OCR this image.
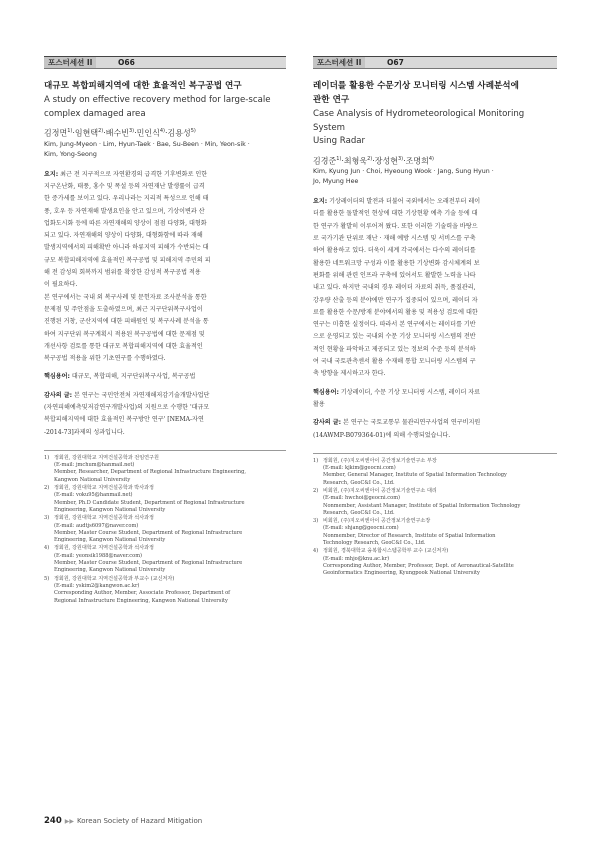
포스터세션 II	O66
대규모 복합피해지역에 대한 효율적인 복구공법 연구
A study on effective recovery method for large-scale
complex damaged area
김정면$^{1)}$·임현택$^{2)}$·배수빈$^{3)}$·민인식$^{4)}$·김용성$^{5)}$
Kim, Jung-Myeon · Lim, Hyun-Taek · Bae, Su-Been · Min, Yeon-sik ·
Kim, Yong-Seong

요지: 최근 전 지구적으로 자연환경의 급격한 기후변화로 인한

지구온난화, 태풍, 홍수 및 폭설 등의 자연재난 발생률이 급격

한 증가세를 보이고 있다. 우리나라는 지리적 특성으로 인해 태

풍, 호우 등 자연재해 발생요인을 안고 있으며, 기상이변과 산

업화도시화 등에 따른 자연재해의 양상이 점점 다양화, 대형화

되고 있다. 자연재해의 양상이 다양화, 대형화함에 따라 재해

발생지역에서의 피해확반 아니라 하류지역 피해가 수반되는 대

규모 복합피해지역에 효율적인 복구공법 및 피해지역 주민의 피

해 전 감성의 회복까지 범위를 확장한 감성적 복구공법 적용

이 필요하다.

본 연구에서는 국내 외 복구사례 및 문헌자료 조사분석을 통한

문제점 및 주안점을 도출하였으며, 최근 지구단위복구사업이

진행된 거창, 군산지역에 대한 피해원인 및 복구사례 분석을 통

하여 지구단위 복구계획시 적용된 복구공법에 대한 문제점 및

개선사항 검토를 통한 대규모 복합피해지역에 대한 효율적인

복구공법 적용을 위한 기초연구를 수행하였다.

핵심용어: 대규모, 복합피해, 지구단위복구사업, 복구공법
감사의 글: 본 연구는 국민안전처 자연재해저감기술개발사업단
(자연피해예측및저감연구개발사업)의 지원으로 수행한 '대규모
복합피해지역에 대한 효율적인 복구방안 연구' [NEMA-자연
-2014-73]과제의 성과입니다.
1) 정회원, 강원대학교 지역건설공학과 전임연구원
(E-mail: jmchum@hanmail.net)
Member, Researcher, Department of Regional Infrastructure Engineering,
Kangwon National University
2) 정회원, 강원대학교 지역건설공학과 박사과정
(E-mail: voku95@hanmail.net)
Member, Ph.D Candidate Student, Department of Regional Infrastructure
Engineering, Kangwon National University
3) 정회원, 강원대학교 지역건설공학과 석사과정
(E-mail: audtjs6097@naver.com)
Member, Master Course Student, Department of Regional Infrastructure
Engineering, Kangwon National University
4) 정회원, 강원대학교 지역건설공학과 석사과정
(E-mail: yeonsik1988@naver.com)
Member, Master Course Student, Department of Regional Infrastructure
Engineering, Kangwon National University
5) 정회원, 강원대학교 지역건설공학과 부교수 (교신저자)
(E-mail: yskim2@kangwon.ac.kr)
Corresponding Author, Member, Associate Professor, Department of
Regional Infrastructure Engineering, Kangwon National University
포스터세션 II	O67
레이더를 활용한 수문기상 모니터링 시스템 사례분석에
관한 연구
Case Analysis of Hydrometeorological Monitoring System
Using Radar
김경준$^{1)}$·최형욱$^{2)}$·장성현$^{3)}$·조명희$^{4)}$
Kim, Kyung Jun · Choi, Hyeoung Wook · Jang, Sung Hyun ·
Jo, Myung Hee

요지: 기상레이더의 발전과 더불어 국외에서는 오래전부터 레이

더를 활용한 돌발적인 현상에 대한 기상현황 예측 기술 등에 대

한 연구가 활발히 이루어져 왔다. 또한 이러한 기술력을 바탕으

로 국가기관 단위로 재난 · 재해 예방 시스템 및 서비스를 구축

하여 활용하고 있다. 더욱이 세계 각국에서는 다수의 레이더를

활용한 네트워크망 구성과 이를 활용한 기상변화 감시체계의 보

편화를 위해 관련 인프라 구축에 있어서도 활발한 노력을 나타

내고 있다. 하지만 국내의 경우 레이더 자료의 취득, 품질관리,

강우량 산출 등의 분야에만 연구가 집중되어 있으며, 레이더 자

료를 활용한 수문/방재 분야에서의 활용 및 적용성 검토에 대한

연구는 미흡한 실정이다. 따라서 본 연구에서는 레이더를 기반

으로 운영되고 있는 국내외 수문 기상 모니터링 시스템의 전반

적인 현황을 파악하고 제공되고 있는 정보의 수준 등의 분석하

여 국내 국토관측센서 활용 수재해 통합 모니터링 시스템의 구

축 방향을 제시하고자 한다.

핵심용어: 기상레이더, 수문 기상 모니터링 시스템, 레이더 자료
활용
감사의 글: 본 연구는 국토교통부 물관리연구사업의 연구비지원
(14AWMP-B079364-01)에 의해 수행되었습니다.
1) 정회원, (주)지오씨엔아이 공간정보기술연구소 부장
(E-mail: kjkim@geocni.com)
Member, General Manager, Institute of Spatial Information Technology
Research, GeoC&I Co., Ltd.
2) 비회원, (주)지오씨엔아이 공간정보기술연구소 대리
(E-mail: hwchoi@geocni.com)
Nonmember, Assistant Manager, Institute of Spatial Information Technology
Research, GeoC&I Co., Ltd.
3) 비회원, (주)지오씨엔아이 공간정보기술연구소장
(E-mail: shjang@geocni.com)
Nonmember, Director of Research, Institute of Spatial Information
Technology Research, GeoC&I Co., Ltd.
4) 정회원, 경북대학교 융복합시스템공학부 교수 (교신저자)
(E-mail: mhjo@knu.ac.kr)
Corresponding Author, Member, Professor, Dept. of Aeronautical-Satellite
Geoinformatics Engineering, Kyungpook National University
240 ▶▶ Korean Society of Hazard Mitigation
